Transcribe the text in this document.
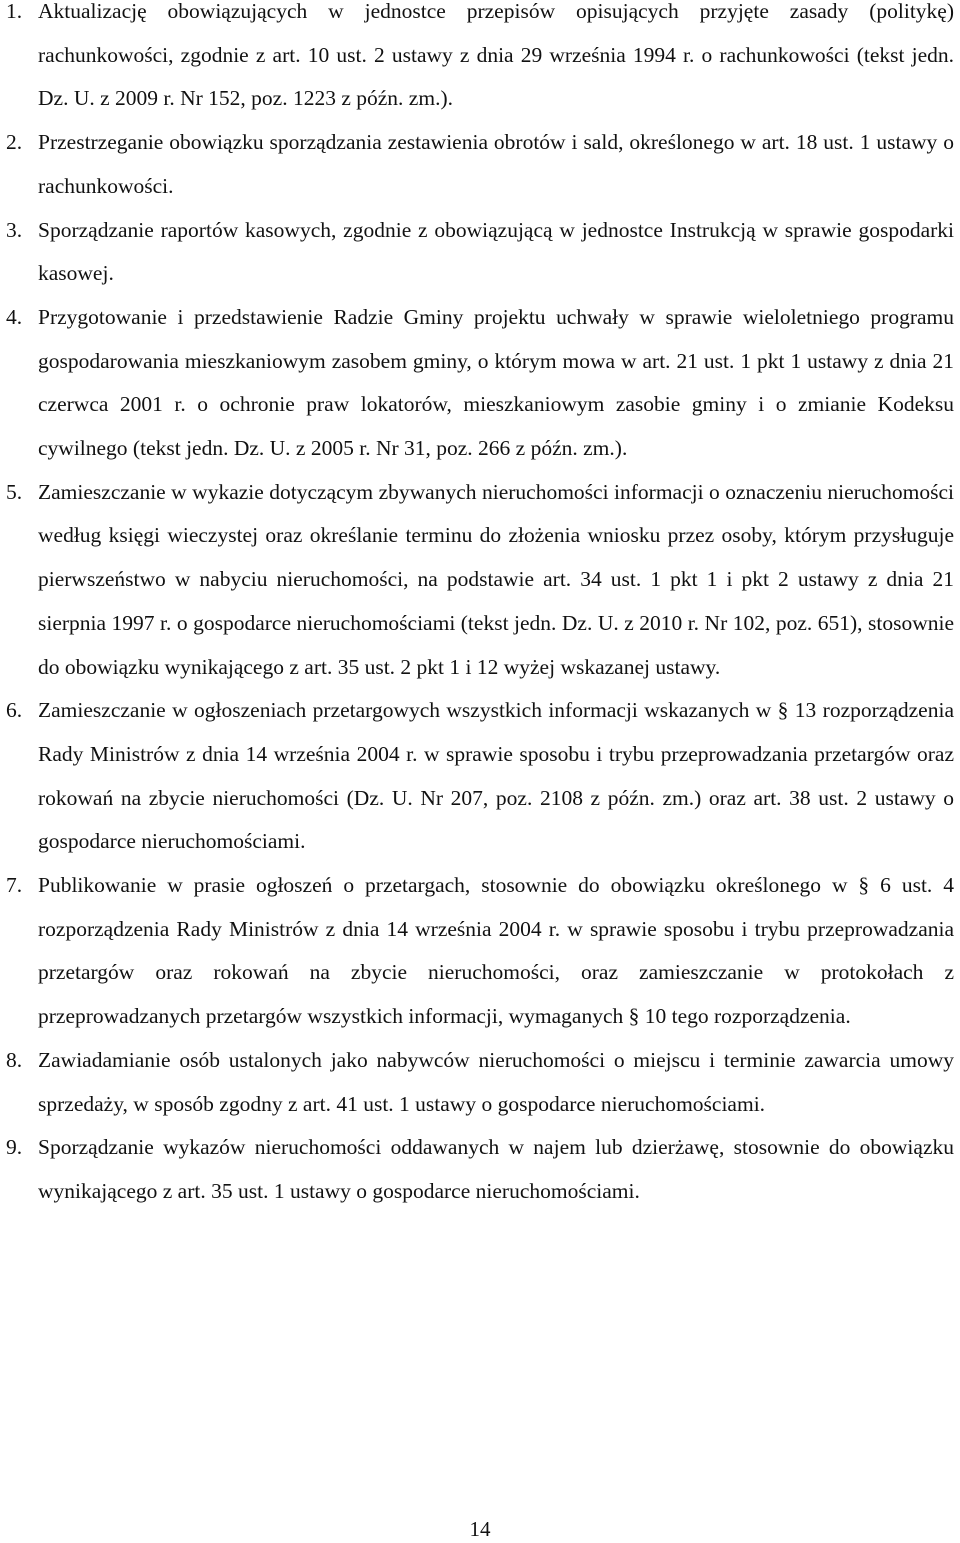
1. Aktualizację obowiązujących w jednostce przepisów opisujących przyjęte zasady (politykę) rachunkowości, zgodnie z art. 10 ust. 2 ustawy z dnia 29 września 1994 r. o rachunkowości (tekst jedn. Dz. U. z 2009 r. Nr 152, poz. 1223 z późn. zm.).
2. Przestrzeganie obowiązku sporządzania zestawienia obrotów i sald, określonego w art. 18 ust. 1 ustawy o rachunkowości.
3. Sporządzanie raportów kasowych, zgodnie z obowiązującą w jednostce Instrukcją w sprawie gospodarki kasowej.
4. Przygotowanie i przedstawienie Radzie Gminy projektu uchwały w sprawie wieloletniego programu gospodarowania mieszkaniowym zasobem gminy, o którym mowa w art. 21 ust. 1 pkt 1 ustawy z dnia 21 czerwca 2001 r. o ochronie praw lokatorów, mieszkaniowym zasobie gminy i o zmianie Kodeksu cywilnego (tekst jedn. Dz. U. z 2005 r. Nr 31, poz. 266 z późn. zm.).
5. Zamieszczanie w wykazie dotyczącym zbywanych nieruchomości informacji o oznaczeniu nieruchomości według księgi wieczystej oraz określanie terminu do złożenia wniosku przez osoby, którym przysługuje pierwszeństwo w nabyciu nieruchomości, na podstawie art. 34 ust. 1 pkt 1 i pkt 2 ustawy z dnia 21 sierpnia 1997 r. o gospodarce nieruchomościami (tekst jedn. Dz. U. z 2010 r. Nr 102, poz. 651), stosownie do obowiązku wynikającego z art. 35 ust. 2 pkt 1 i 12 wyżej wskazanej ustawy.
6. Zamieszczanie w ogłoszeniach przetargowych wszystkich informacji wskazanych w § 13 rozporządzenia Rady Ministrów z dnia 14 września 2004 r. w sprawie sposobu i trybu przeprowadzania przetargów oraz rokowań na zbycie nieruchomości (Dz. U. Nr 207, poz. 2108 z późn. zm.) oraz art. 38 ust. 2 ustawy o gospodarce nieruchomościami.
7. Publikowanie w prasie ogłoszeń o przetargach, stosownie do obowiązku określonego w § 6 ust. 4 rozporządzenia Rady Ministrów z dnia 14 września 2004 r. w sprawie sposobu i trybu przeprowadzania przetargów oraz rokowań na zbycie nieruchomości, oraz zamieszczanie w protokołach z przeprowadzanych przetargów wszystkich informacji, wymaganych § 10 tego rozporządzenia.
8. Zawiadamianie osób ustalonych jako nabywców nieruchomości o miejscu i terminie zawarcia umowy sprzedaży, w sposób zgodny z art. 41 ust. 1 ustawy o gospodarce nieruchomościami.
9. Sporządzanie wykazów nieruchomości oddawanych w najem lub dzierżawę, stosownie do obowiązku wynikającego z art. 35 ust. 1 ustawy o gospodarce nieruchomościami.
14
